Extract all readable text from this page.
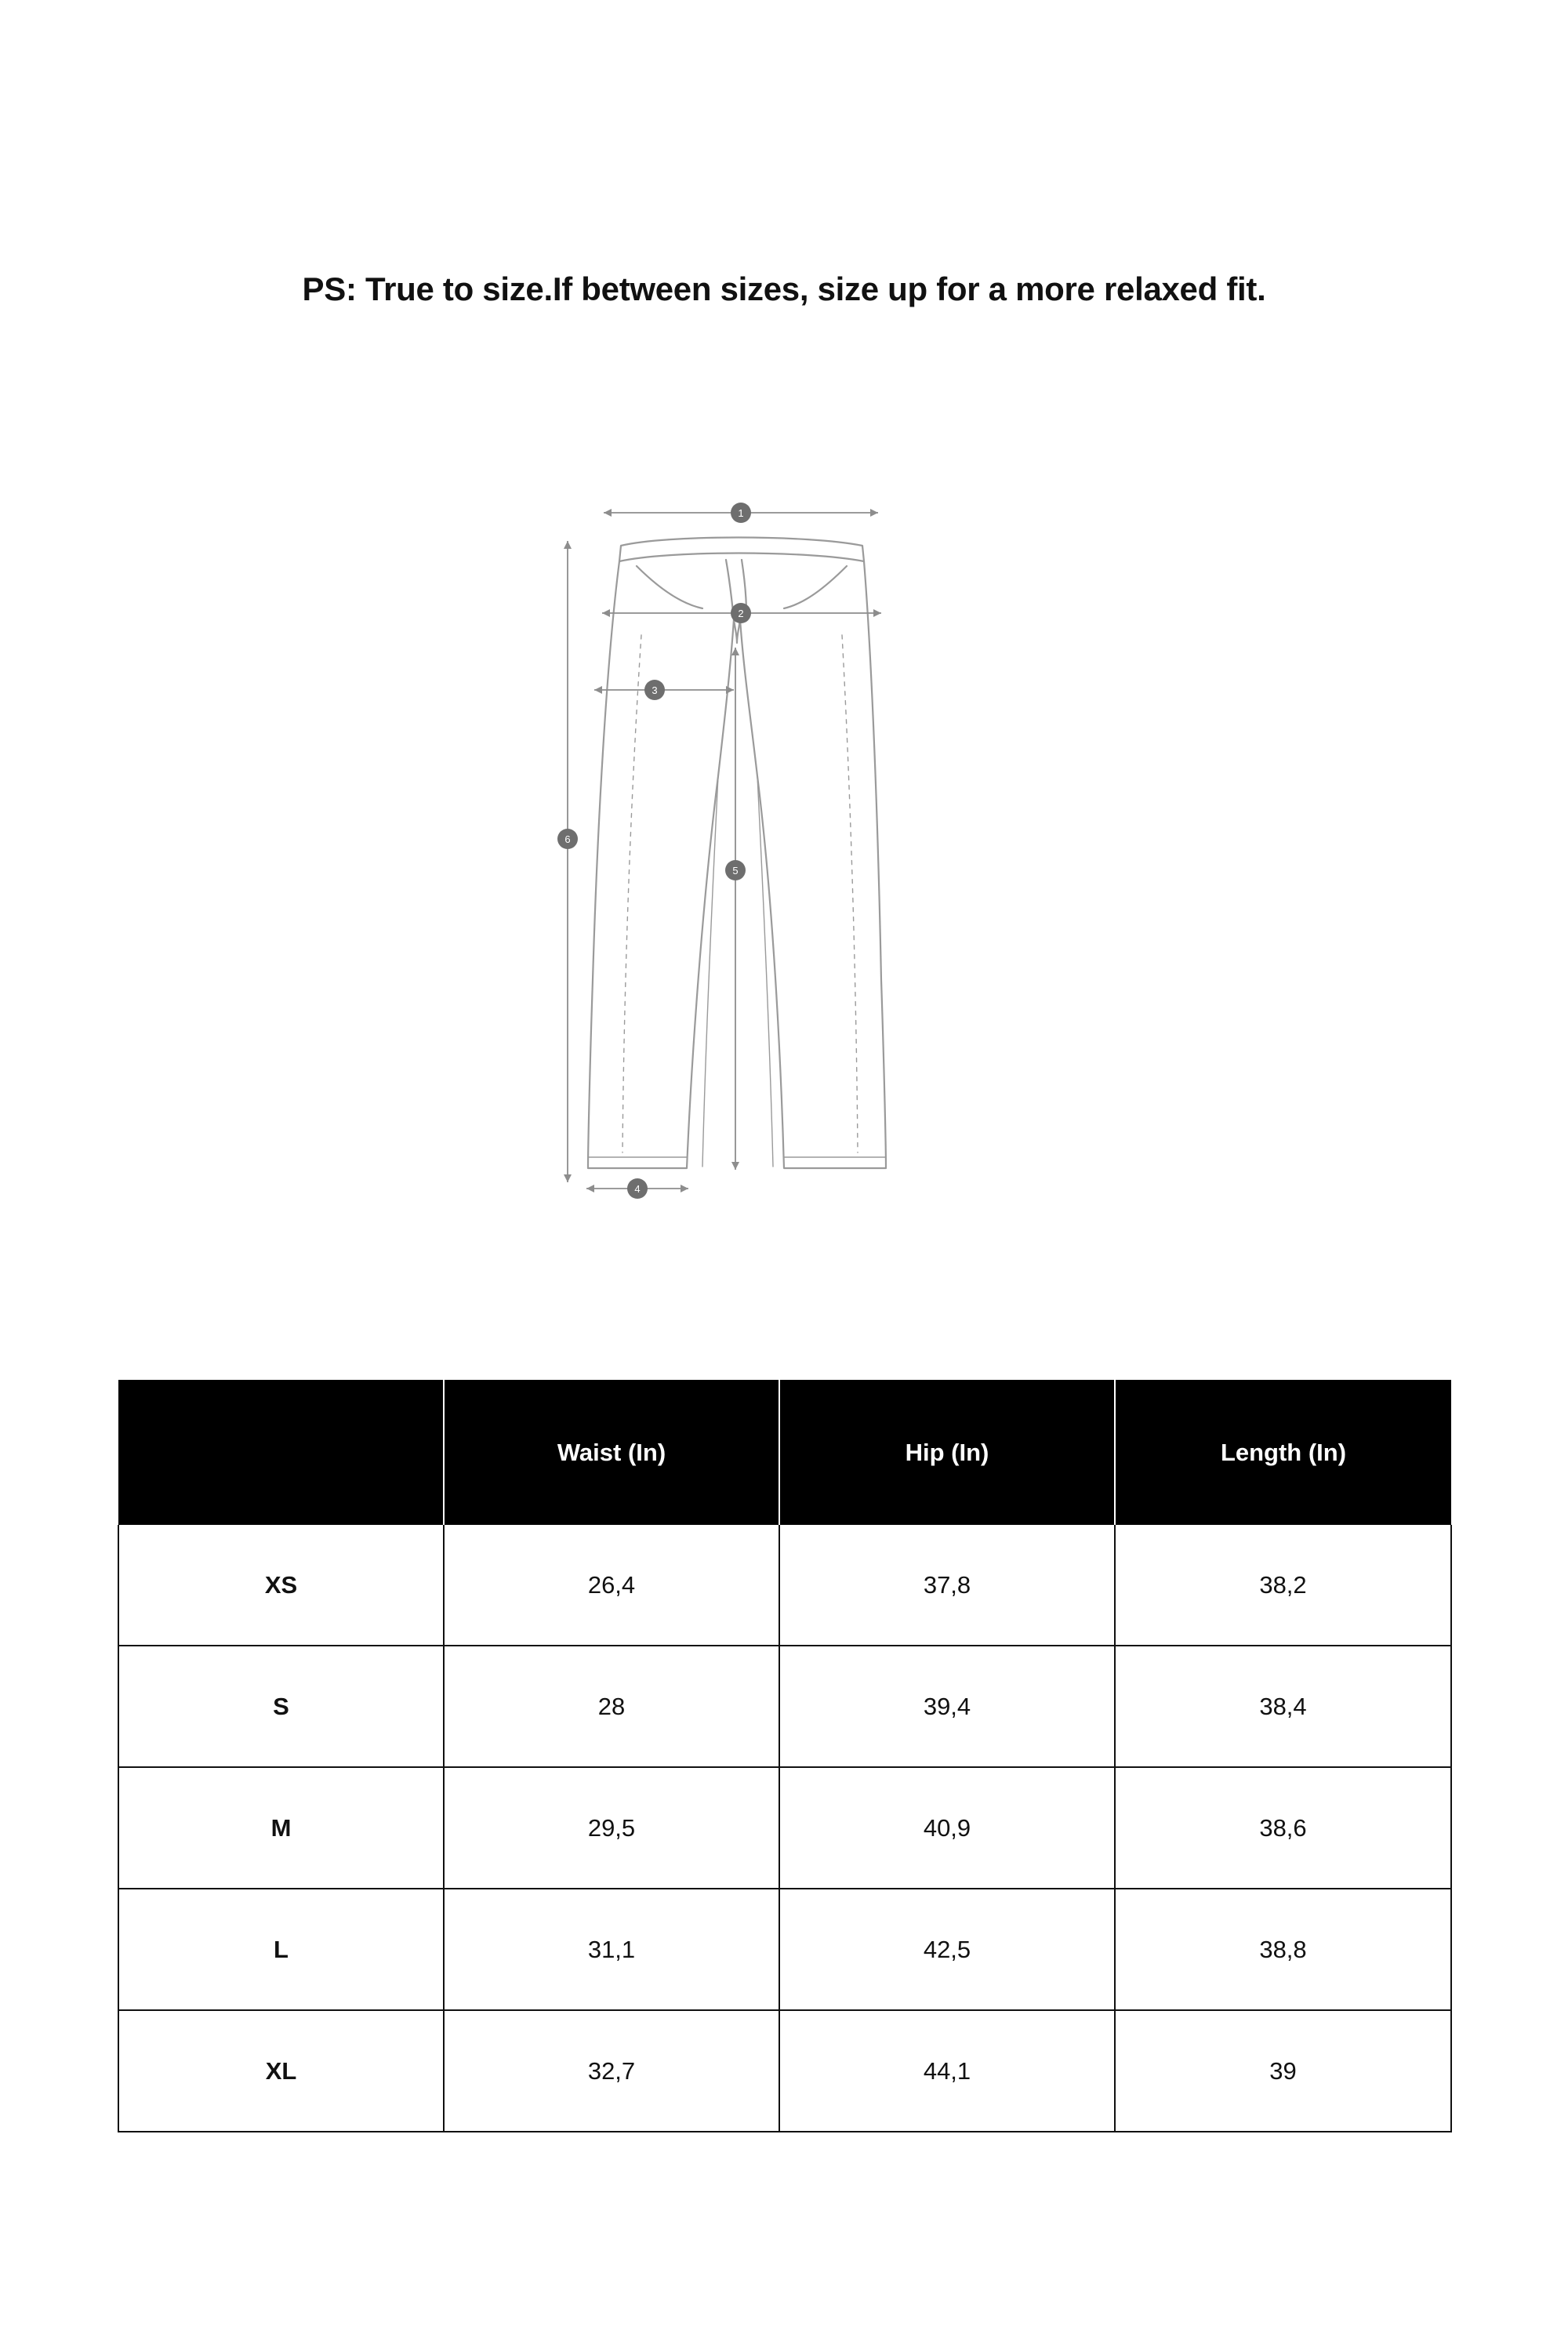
PS: True to size.If between sizes, size up for a more relaxed fit.
1
2
3
4
5
6
	Waist (In)	Hip (In)	Length (In)
XS	26,4	37,8	38,2
S	28	39,4	38,4
M	29,5	40,9	38,6
L	31,1	42,5	38,8
XL	32,7	44,1	39
